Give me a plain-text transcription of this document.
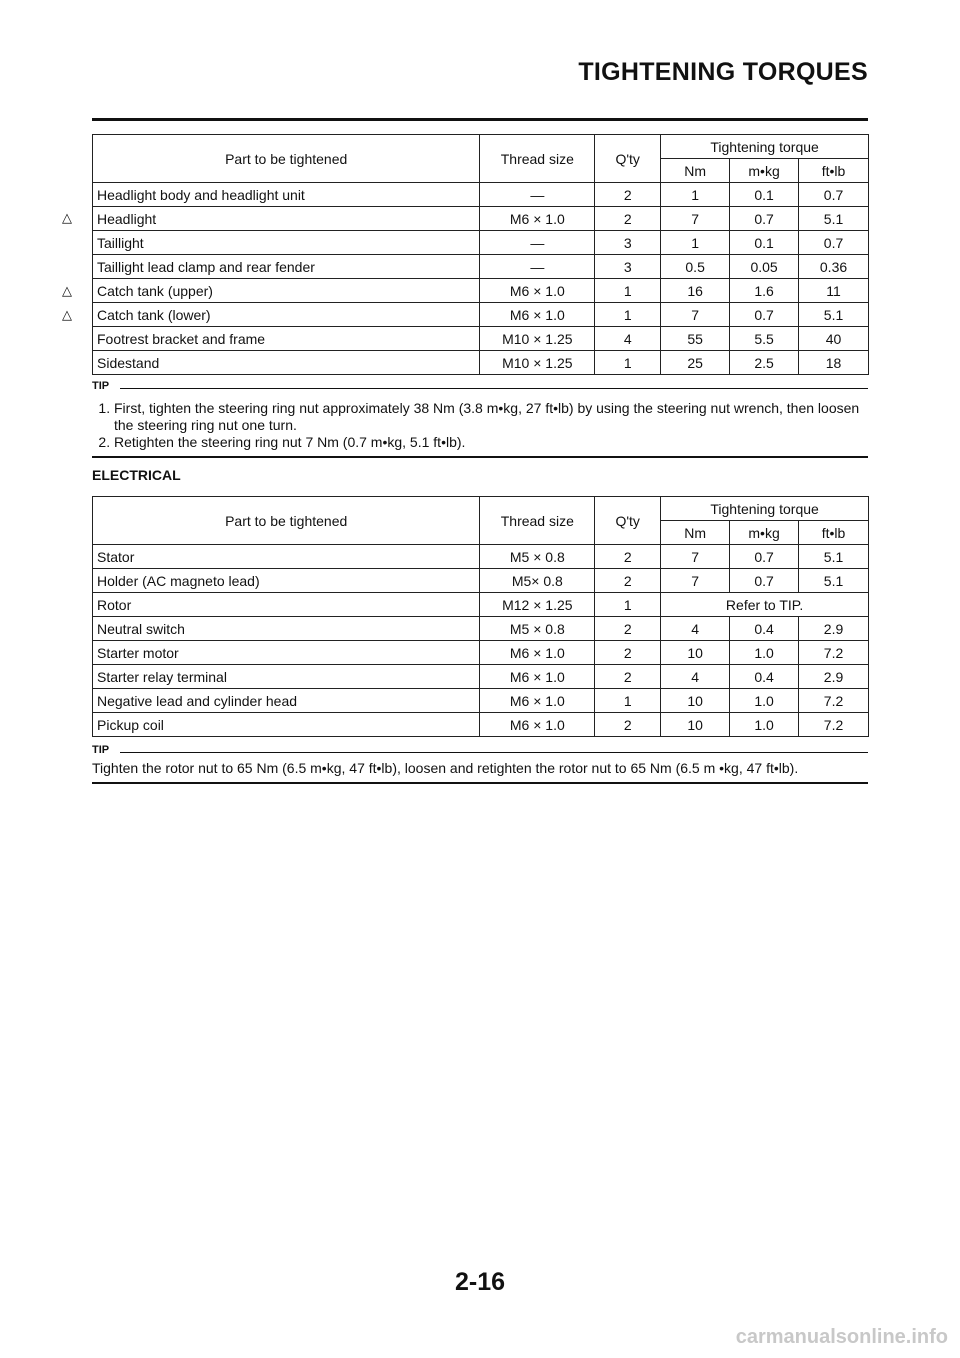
TIGHTENING TORQUES
Part to be tightened	Thread size	Q'ty	Tightening torque		
			Nm	m•kg	ft•lb
Headlight body and headlight unit	—	2	1	0.1	0.7
Headlight	M6 × 1.0	2	7	0.7	5.1
Taillight	—	3	1	0.1	0.7
Taillight lead clamp and rear fender	—	3	0.5	0.05	0.36
Catch tank (upper)	M6 × 1.0	1	16	1.6	11
Catch tank (lower)	M6 × 1.0	1	7	0.7	5.1
Footrest bracket and frame	M10 × 1.25	4	55	5.5	40
Sidestand	M10 × 1.25	1	25	2.5	18
△
△
△
TIP
1. First, tighten the steering ring nut approximately 38 Nm (3.8 m•kg, 27 ft•lb) by using the steering nut wrench, then loosen the steering ring nut one turn.
2. Retighten the steering ring nut 7 Nm (0.7 m•kg, 5.1 ft•lb).
ELECTRICAL
Part to be tightened	Thread size	Q'ty	Tightening torque		
			Nm	m•kg	ft•lb
Stator	M5 × 0.8	2	7	0.7	5.1
Holder (AC magneto lead)	M5× 0.8	2	7	0.7	5.1
Rotor	M12 × 1.25	1	Refer to TIP.		
Neutral switch	M5 × 0.8	2	4	0.4	2.9
Starter motor	M6 × 1.0	2	10	1.0	7.2
Starter relay terminal	M6 × 1.0	2	4	0.4	2.9
Negative lead and cylinder head	M6 × 1.0	1	10	1.0	7.2
Pickup coil	M6 × 1.0	2	10	1.0	7.2
TIP
Tighten the rotor nut to 65 Nm (6.5 m•kg, 47 ft•lb), loosen and retighten the rotor nut to 65 Nm (6.5 m •kg, 47 ft•lb).
2-16
carmanualsonline.info
